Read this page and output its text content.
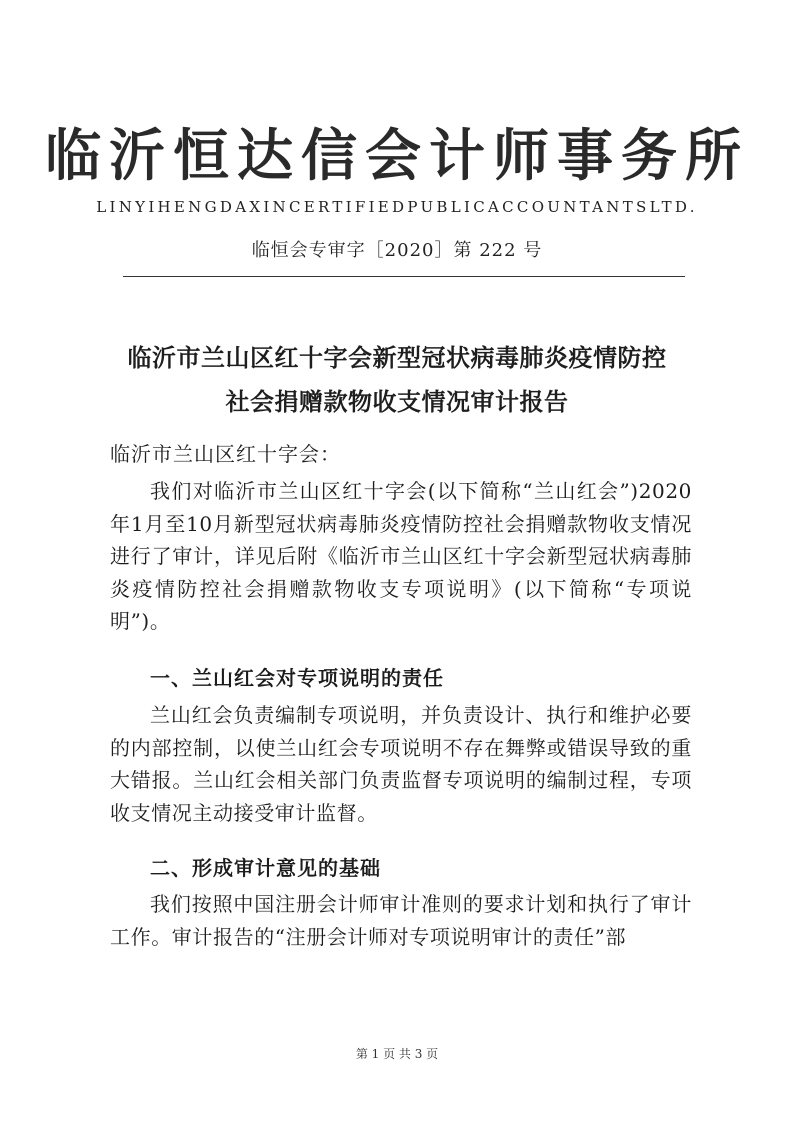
临沂恒达信会计师事务所
LINYIHENGDAXINCERTIFIEDPUBLICACCOUNTANTSLTD.
临恒会专审字［2020］第 222 号
临沂市兰山区红十字会新型冠状病毒肺炎疫情防控
社会捐赠款物收支情况审计报告
临沂市兰山区红十字会：
我们对临沂市兰山区红十字会(以下简称“兰山红会”)2020年1月至10月新型冠状病毒肺炎疫情防控社会捐赠款物收支情况进行了审计，详见后附《临沂市兰山区红十字会新型冠状病毒肺炎疫情防控社会捐赠款物收支专项说明》(以下简称“专项说明”)。
一、兰山红会对专项说明的责任
兰山红会负责编制专项说明，并负责设计、执行和维护必要的内部控制，以使兰山红会专项说明不存在舞弊或错误导致的重大错报。兰山红会相关部门负责监督专项说明的编制过程，专项收支情况主动接受审计监督。
二、形成审计意见的基础
我们按照中国注册会计师审计准则的要求计划和执行了审计工作。审计报告的“注册会计师对专项说明审计的责任”部
第 1 页 共 3 页
